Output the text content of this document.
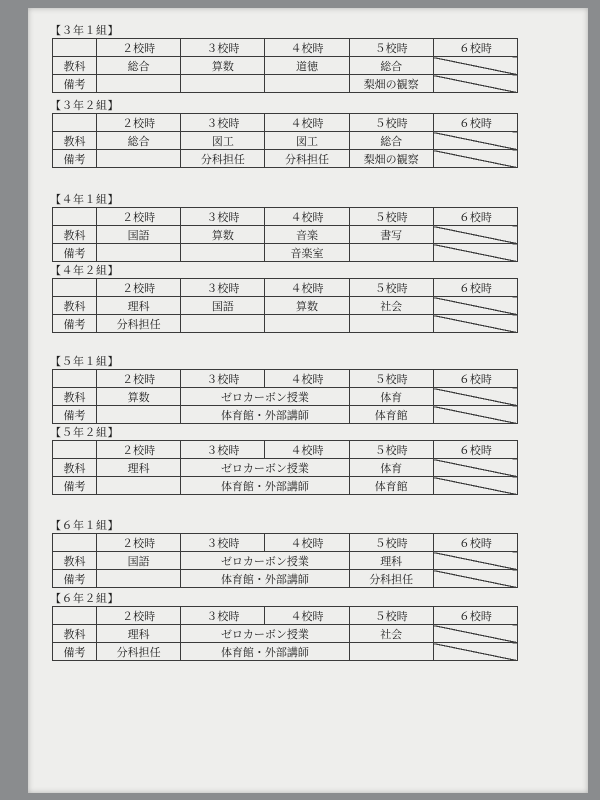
【３年１組】
	２校時	３校時	４校時	５校時	６校時
教科	総合	算数	道徳	総合	
備考				梨畑の観察	
【３年２組】
	２校時	３校時	４校時	５校時	６校時
教科	総合	図工	図工	総合	
備考		分科担任	分科担任	梨畑の観察	
【４年１組】
	２校時	３校時	４校時	５校時	６校時
教科	国語	算数	音楽	書写	
備考			音楽室		
【４年２組】
	２校時	３校時	４校時	５校時	６校時
教科	理科	国語	算数	社会	
備考	分科担任				
【５年１組】
	２校時	３校時	４校時	５校時	６校時
教科	算数	ゼロカーボン授業		体育	
備考		体育館・外部講師		体育館	
【５年２組】
	２校時	３校時	４校時	５校時	６校時
教科	理科	ゼロカーボン授業		体育	
備考		体育館・外部講師		体育館	
【６年１組】
	２校時	３校時	４校時	５校時	６校時
教科	国語	ゼロカーボン授業		理科	
備考		体育館・外部講師		分科担任	
【６年２組】
	２校時	３校時	４校時	５校時	６校時
教科	理科	ゼロカーボン授業		社会	
備考	分科担任	体育館・外部講師			
